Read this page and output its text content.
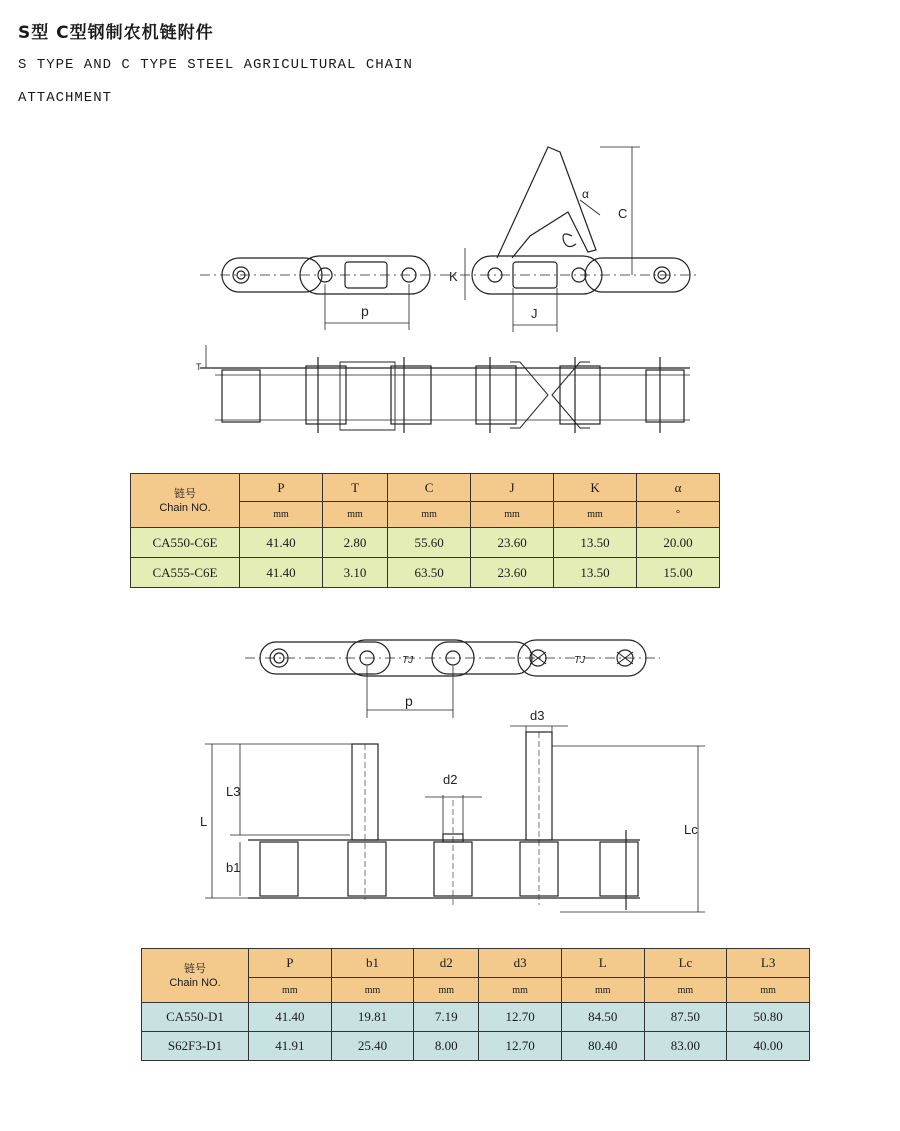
S型 C型钢制农机链附件
S TYPE AND C TYPE STEEL AGRICULTURAL CHAIN
ATTACHMENT
p
K
J
C
α
T
链号
Chain NO.	P	T	C	J	K	α
	mm	mm	mm	mm	mm	°
CA550-C6E	41.40	2.80	55.60	23.60	13.50	20.00
CA555-C6E	41.40	3.10	63.50	23.60	13.50	15.00
TJ	TJ
p
d2
d3
L
L3
b1
Lc
链号
Chain NO.	P	b1	d2	d3	L	Lc	L3
	mm	mm	mm	mm	mm	mm	mm
CA550-D1	41.40	19.81	7.19	12.70	84.50	87.50	50.80
S62F3-D1	41.91	25.40	8.00	12.70	80.40	83.00	40.00
